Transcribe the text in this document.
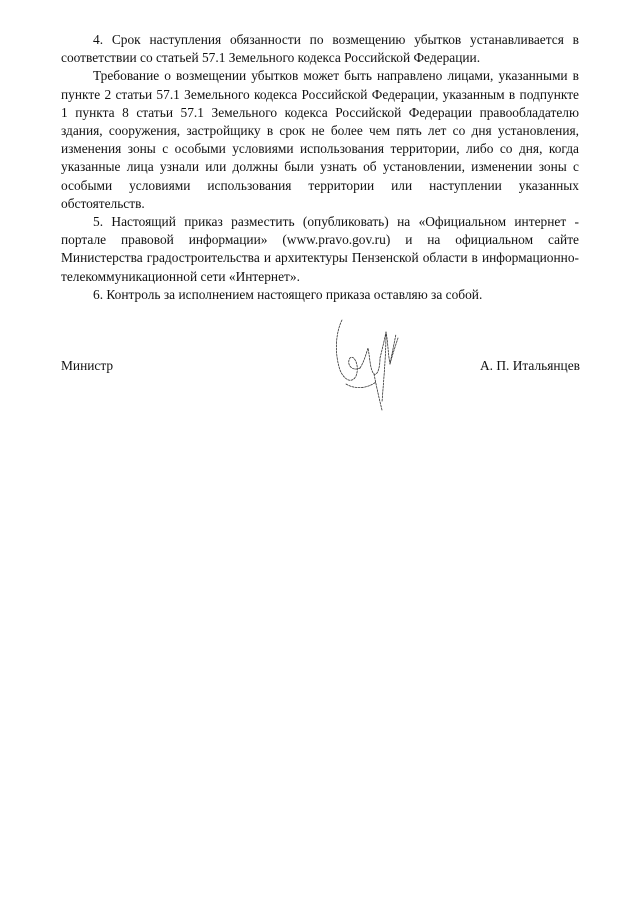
4. Срок наступления обязанности по возмещению убытков устанавливается в соответствии со статьей 57.1 Земельного кодекса Российской Федерации.

Требование о возмещении убытков может быть направлено лицами, указанными в пункте 2 статьи 57.1 Земельного кодекса Российской Федерации, указанным в подпункте 1 пункта 8 статьи 57.1 Земельного кодекса Российской Федерации правообладателю здания, сооружения, застройщику в срок не более чем пять лет со дня установления, изменения зоны с особыми условиями использования территории, либо со дня, когда указанные лица узнали или должны были узнать об установлении, изменении зоны с особыми условиями использования территории или наступлении указанных обстоятельств.

5. Настоящий приказ разместить (опубликовать) на «Официальном интернет - портале правовой информации» (www.pravo.gov.ru) и на официальном сайте Министерства градостроительства и архитектуры Пензенской области в информационно-телекоммуникационной сети «Интернет».

6. Контроль за исполнением настоящего приказа оставляю за собой.

Министр	А. П. Итальянцев
